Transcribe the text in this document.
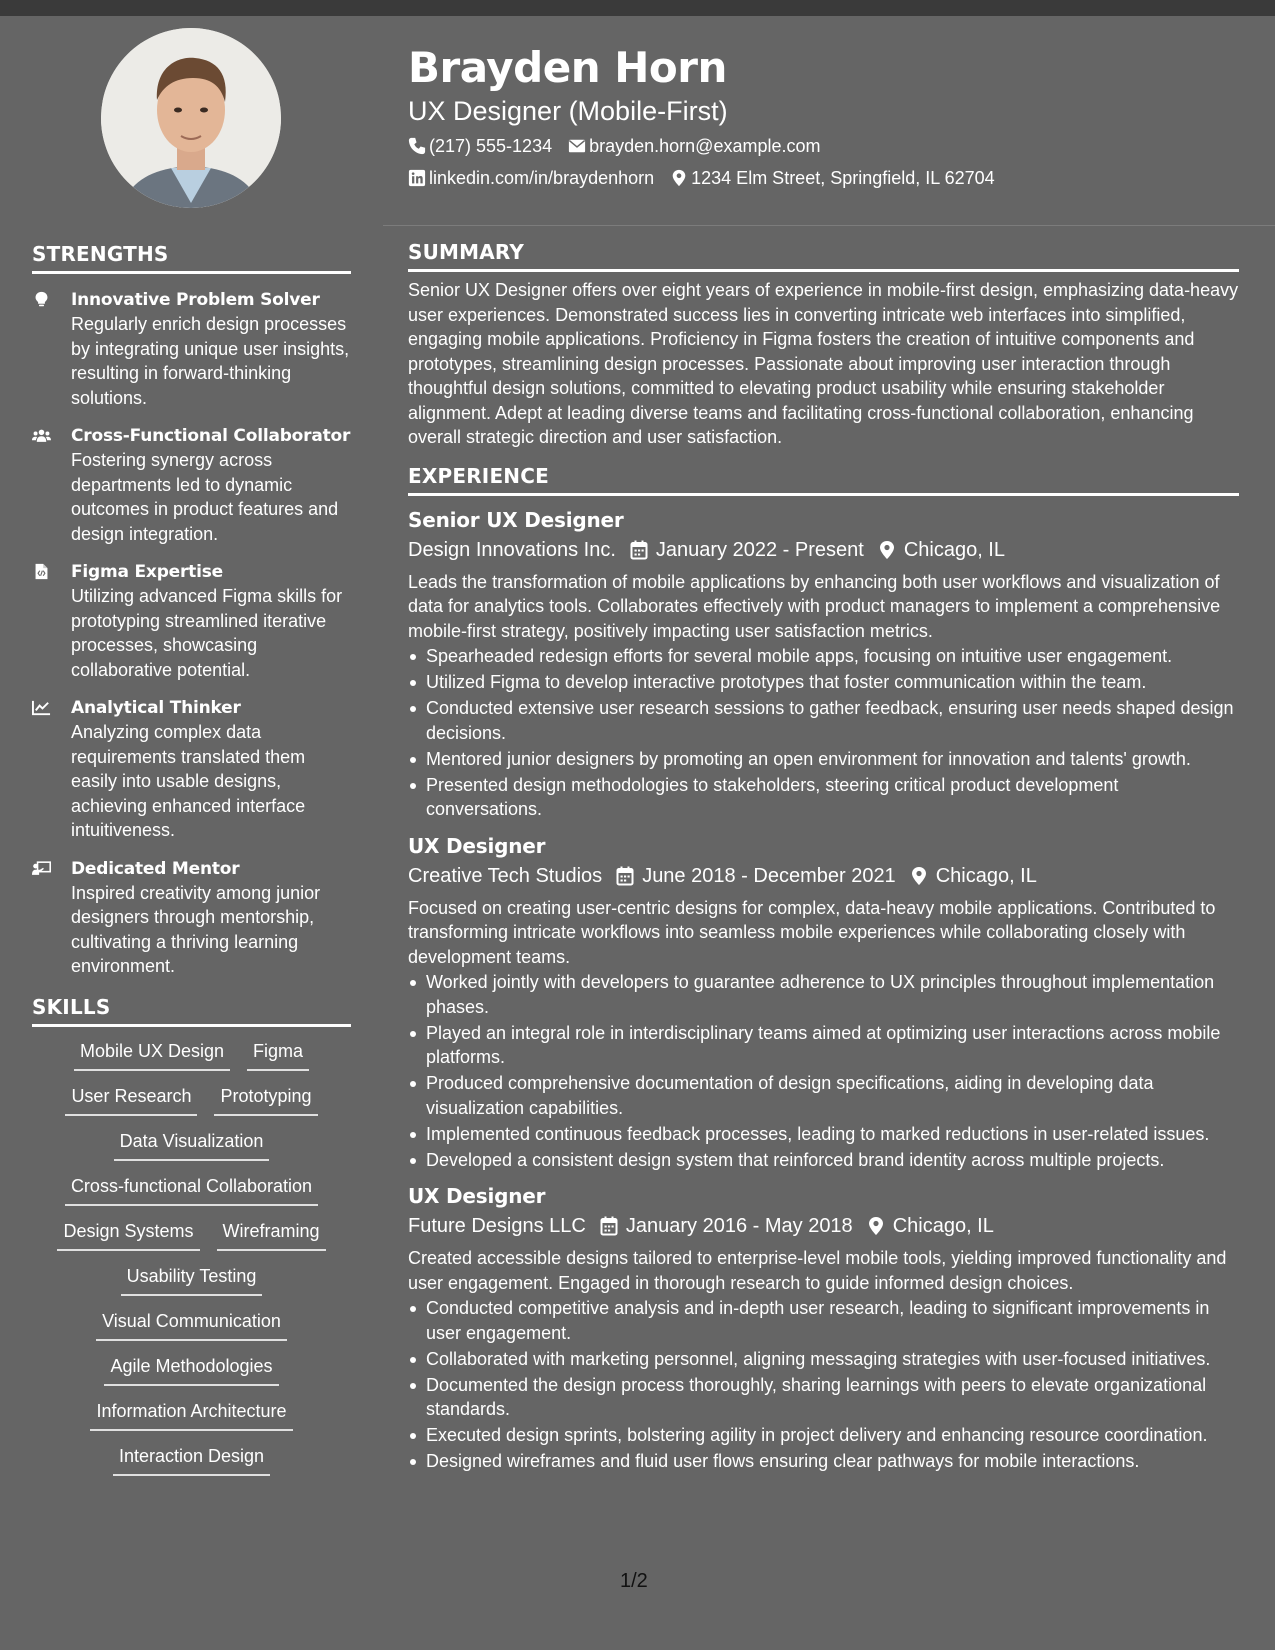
STRENGTHS
Innovative Problem Solver
Regularly enrich design processes by integrating unique user insights, resulting in forward-thinking solutions.
Cross-Functional Collaborator
Fostering synergy across departments led to dynamic outcomes in product features and design integration.
Figma Expertise
Utilizing advanced Figma skills for prototyping streamlined iterative processes, showcasing collaborative potential.
Analytical Thinker
Analyzing complex data requirements translated them easily into usable designs, achieving enhanced interface intuitiveness.
Dedicated Mentor
Inspired creativity among junior designers through mentorship, cultivating a thriving learning environment.
SKILLS
Mobile UX Design	Figma
User Research	Prototyping
Data Visualization
Cross-functional Collaboration
Design Systems	Wireframing
Usability Testing
Visual Communication
Agile Methodologies
Information Architecture
Interaction Design
Brayden Horn
UX Designer (Mobile-First)
(217) 555-1234 brayden.horn@example.com
linkedin.com/in/braydenhorn 1234 Elm Street, Springfield, IL 62704
SUMMARY
Senior UX Designer offers over eight years of experience in mobile-first design, emphasizing data-heavy user experiences. Demonstrated success lies in converting intricate web interfaces into simplified, engaging mobile applications. Proficiency in Figma fosters the creation of intuitive components and prototypes, streamlining design processes. Passionate about improving user interaction through thoughtful design solutions, committed to elevating product usability while ensuring stakeholder alignment. Adept at leading diverse teams and facilitating cross-functional collaboration, enhancing overall strategic direction and user satisfaction.
EXPERIENCE
Senior UX Designer
Design Innovations Inc. January 2022 - Present Chicago, IL
Leads the transformation of mobile applications by enhancing both user workflows and visualization of data for analytics tools. Collaborates effectively with product managers to implement a comprehensive mobile-first strategy, positively impacting user satisfaction metrics.
Spearheaded redesign efforts for several mobile apps, focusing on intuitive user engagement.
Utilized Figma to develop interactive prototypes that foster communication within the team.
Conducted extensive user research sessions to gather feedback, ensuring user needs shaped design decisions.
Mentored junior designers by promoting an open environment for innovation and talents' growth.
Presented design methodologies to stakeholders, steering critical product development conversations.
UX Designer
Creative Tech Studios June 2018 - December 2021 Chicago, IL
Focused on creating user-centric designs for complex, data-heavy mobile applications. Contributed to transforming intricate workflows into seamless mobile experiences while collaborating closely with development teams.
Worked jointly with developers to guarantee adherence to UX principles throughout implementation phases.
Played an integral role in interdisciplinary teams aimed at optimizing user interactions across mobile platforms.
Produced comprehensive documentation of design specifications, aiding in developing data visualization capabilities.
Implemented continuous feedback processes, leading to marked reductions in user-related issues.
Developed a consistent design system that reinforced brand identity across multiple projects.
UX Designer
Future Designs LLC January 2016 - May 2018 Chicago, IL
Created accessible designs tailored to enterprise-level mobile tools, yielding improved functionality and user engagement. Engaged in thorough research to guide informed design choices.
Conducted competitive analysis and in-depth user research, leading to significant improvements in user engagement.
Collaborated with marketing personnel, aligning messaging strategies with user-focused initiatives.
Documented the design process thoroughly, sharing learnings with peers to elevate organizational standards.
Executed design sprints, bolstering agility in project delivery and enhancing resource coordination.
Designed wireframes and fluid user flows ensuring clear pathways for mobile interactions.
1/2
